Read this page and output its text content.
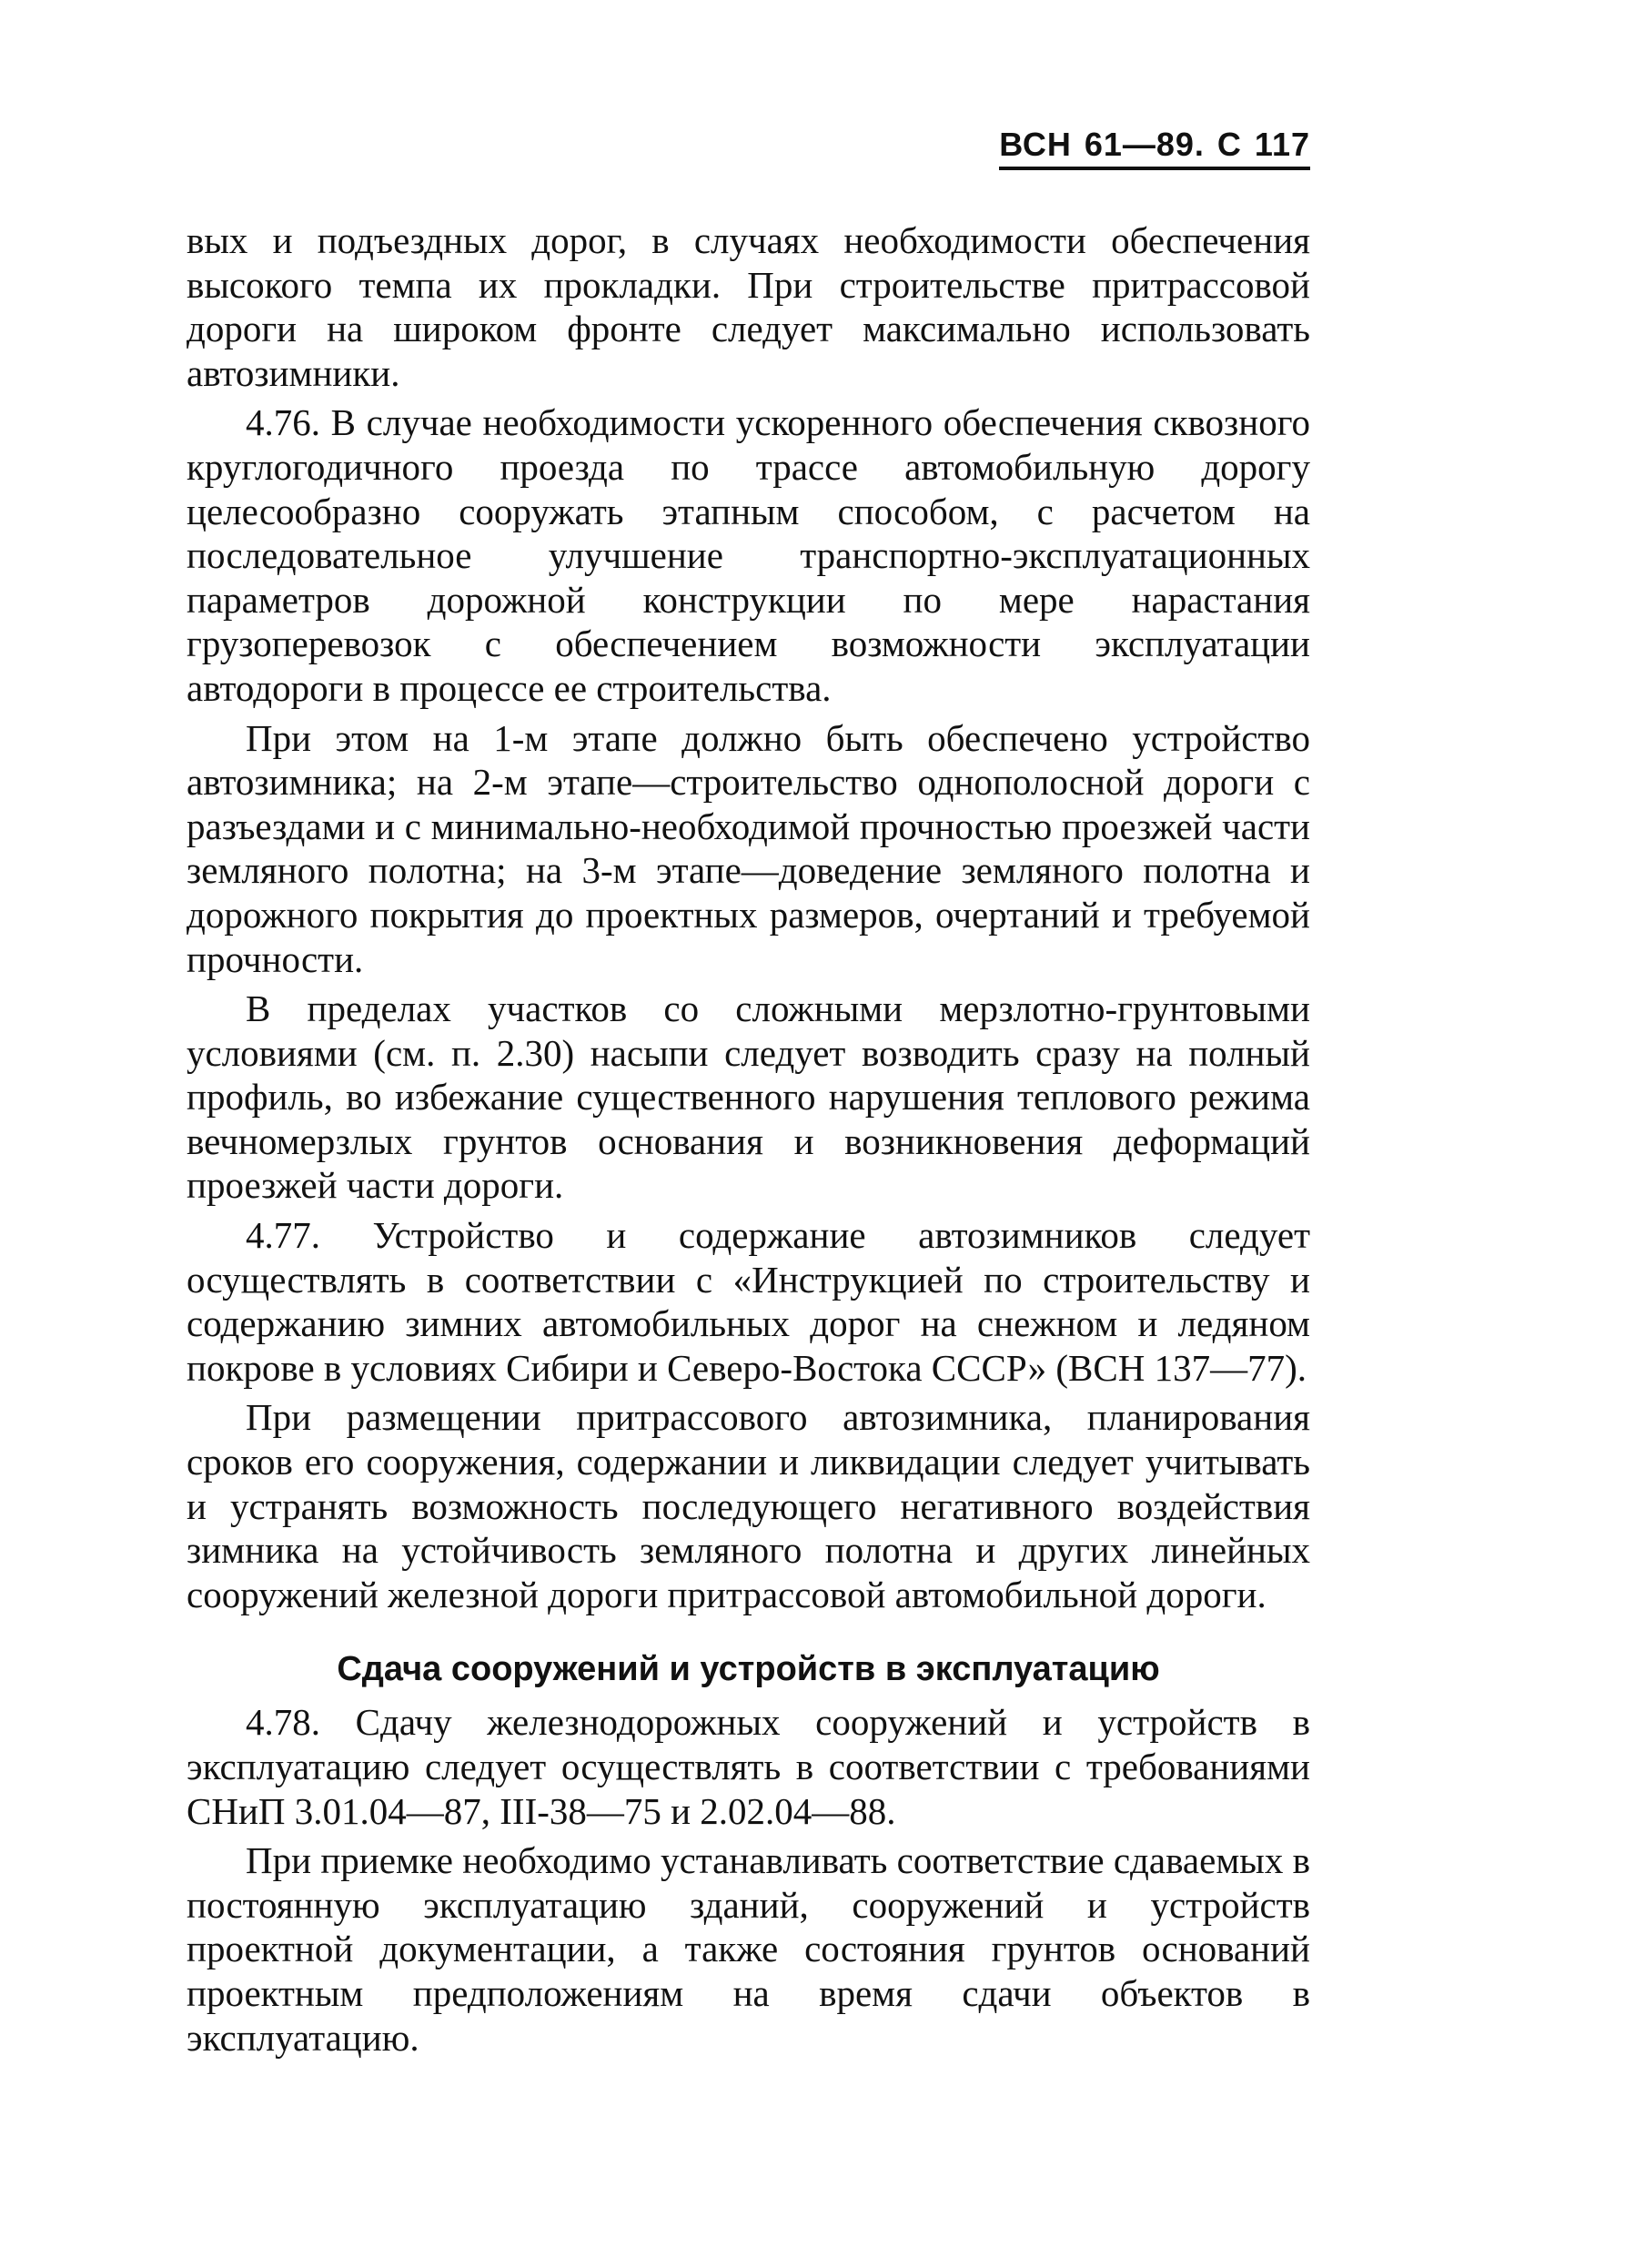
ВСН 61—89. С 117

вых и подъездных дорог, в случаях необходимости обеспечения высокого темпа их прокладки. При строительстве притрассовой дороги на широком фронте следует максимально использовать автозимники.

4.76. В случае необходимости ускоренного обеспечения сквозного круглогодичного проезда по трассе автомобильную дорогу целесообразно сооружать этапным способом, с расчетом на последовательное улучшение транспортно-эксплуатационных параметров дорожной конструкции по мере нарастания грузоперевозок с обеспечением возможности эксплуатации автодороги в процессе ее строительства.

При этом на 1-м этапе должно быть обеспечено устройство автозимника; на 2-м этапе—строительство однополосной дороги с разъездами и с минимально-необходимой прочностью проезжей части земляного полотна; на 3-м этапе—доведение земляного полотна и дорожного покрытия до проектных размеров, очертаний и требуемой прочности.

В пределах участков со сложными мерзлотно-грунтовыми условиями (см. п. 2.30) насыпи следует возводить сразу на полный профиль, во избежание существенного нарушения теплового режима вечномерзлых грунтов основания и возникновения деформаций проезжей части дороги.

4.77. Устройство и содержание автозимников следует осуществлять в соответствии с «Инструкцией по строительству и содержанию зимних автомобильных дорог на снежном и ледяном покрове в условиях Сибири и Северо-Востока СССР» (ВСН 137—77).

При размещении притрассового автозимника, планирования сроков его сооружения, содержании и ликвидации следует учитывать и устранять возможность последующего негативного воздействия зимника на устойчивость земляного полотна и других линейных сооружений железной дороги притрассовой автомобильной дороги.

Сдача сооружений и устройств в эксплуатацию

4.78. Сдачу железнодорожных сооружений и устройств в эксплуатацию следует осуществлять в соответствии с требованиями СНиП 3.01.04—87, III-38—75 и 2.02.04—88.

При приемке необходимо устанавливать соответствие сдаваемых в постоянную эксплуатацию зданий, сооружений и устройств проектной документации, а также состояния грунтов оснований проектным предположениям на время сдачи объектов в эксплуатацию.
